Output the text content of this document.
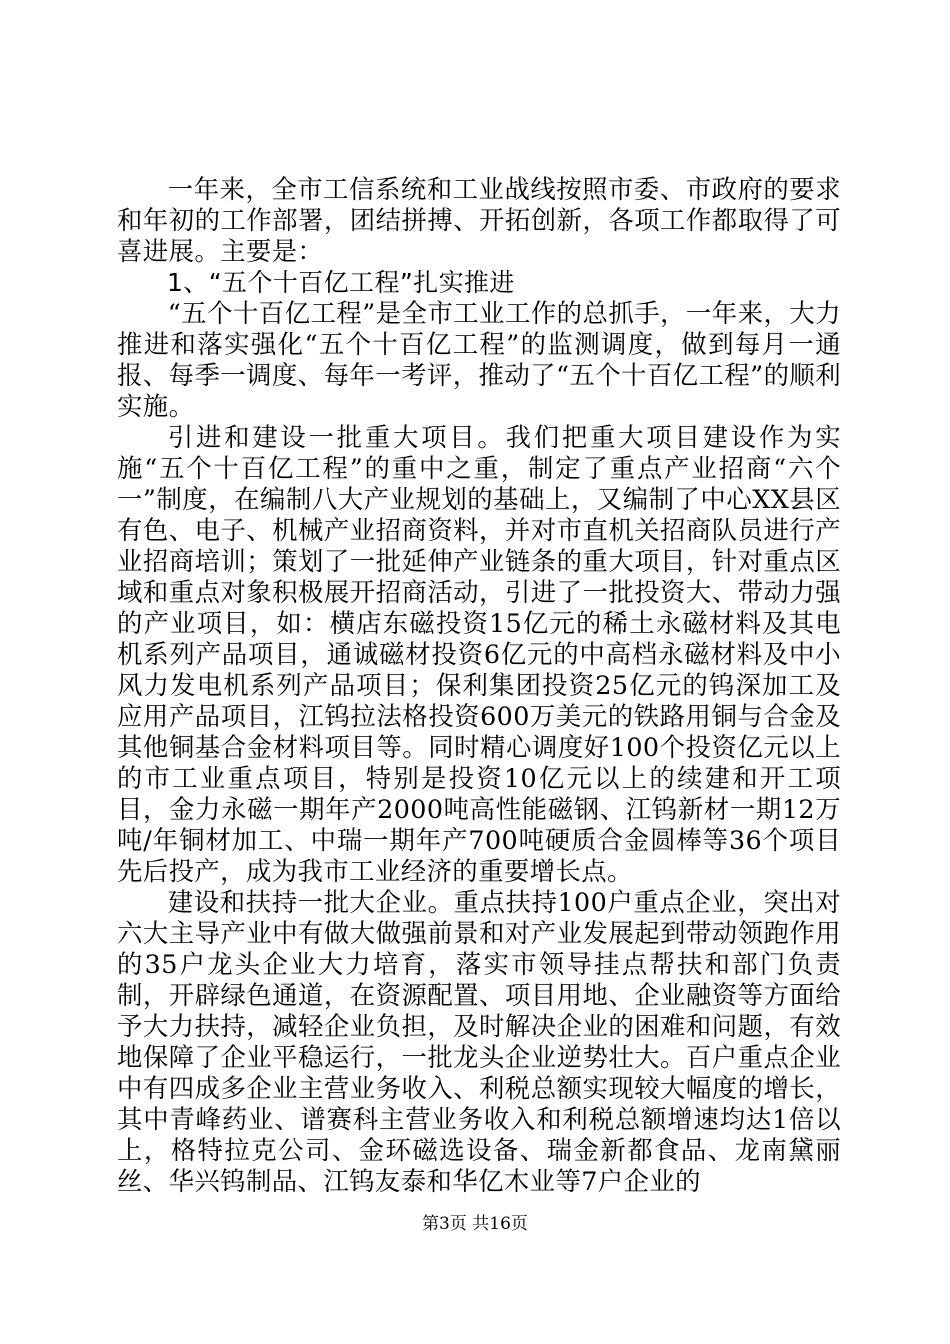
一年来，全市工信系统和工业战线按照市委、市政府的要求和年初的工作部署，团结拼搏、开拓创新，各项工作都取得了可喜进展。主要是：

1、“五个十百亿工程”扎实推进

“五个十百亿工程”是全市工业工作的总抓手，一年来，大力推进和落实强化“五个十百亿工程”的监测调度，做到每月一通报、每季一调度、每年一考评，推动了“五个十百亿工程”的顺利实施。

引进和建设一批重大项目。我们把重大项目建设作为实施“五个十百亿工程”的重中之重，制定了重点产业招商“六个一”制度，在编制八大产业规划的基础上，又编制了中心XX县区有色、电子、机械产业招商资料，并对市直机关招商队员进行产业招商培训；策划了一批延伸产业链条的重大项目，针对重点区域和重点对象积极展开招商活动，引进了一批投资大、带动力强的产业项目，如：横店东磁投资15亿元的稀土永磁材料及其电机系列产品项目，通诚磁材投资6亿元的中高档永磁材料及中小风力发电机系列产品项目；保利集团投资25亿元的钨深加工及应用产品项目，江钨拉法格投资600万美元的铁路用铜与合金及其他铜基合金材料项目等。同时精心调度好100个投资亿元以上的市工业重点项目，特别是投资10亿元以上的续建和开工项目，金力永磁一期年产2000吨高性能磁钢、江钨新材一期12万吨/年铜材加工、中瑞一期年产700吨硬质合金圆棒等36个项目先后投产，成为我市工业经济的重要增长点。

建设和扶持一批大企业。重点扶持100户重点企业，突出对六大主导产业中有做大做强前景和对产业发展起到带动领跑作用的35户龙头企业大力培育，落实市领导挂点帮扶和部门负责制，开辟绿色通道，在资源配置、项目用地、企业融资等方面给予大力扶持，减轻企业负担，及时解决企业的困难和问题，有效地保障了企业平稳运行，一批龙头企业逆势壮大。百户重点企业中有四成多企业主营业务收入、利税总额实现较大幅度的增长，其中青峰药业、谱赛科主营业务收入和利税总额增速均达1倍以上，格特拉克公司、金环磁选设备、瑞金新都食品、龙南黛丽丝、华兴钨制品、江钨友泰和华亿木业等7户企业的

第3页 共16页
